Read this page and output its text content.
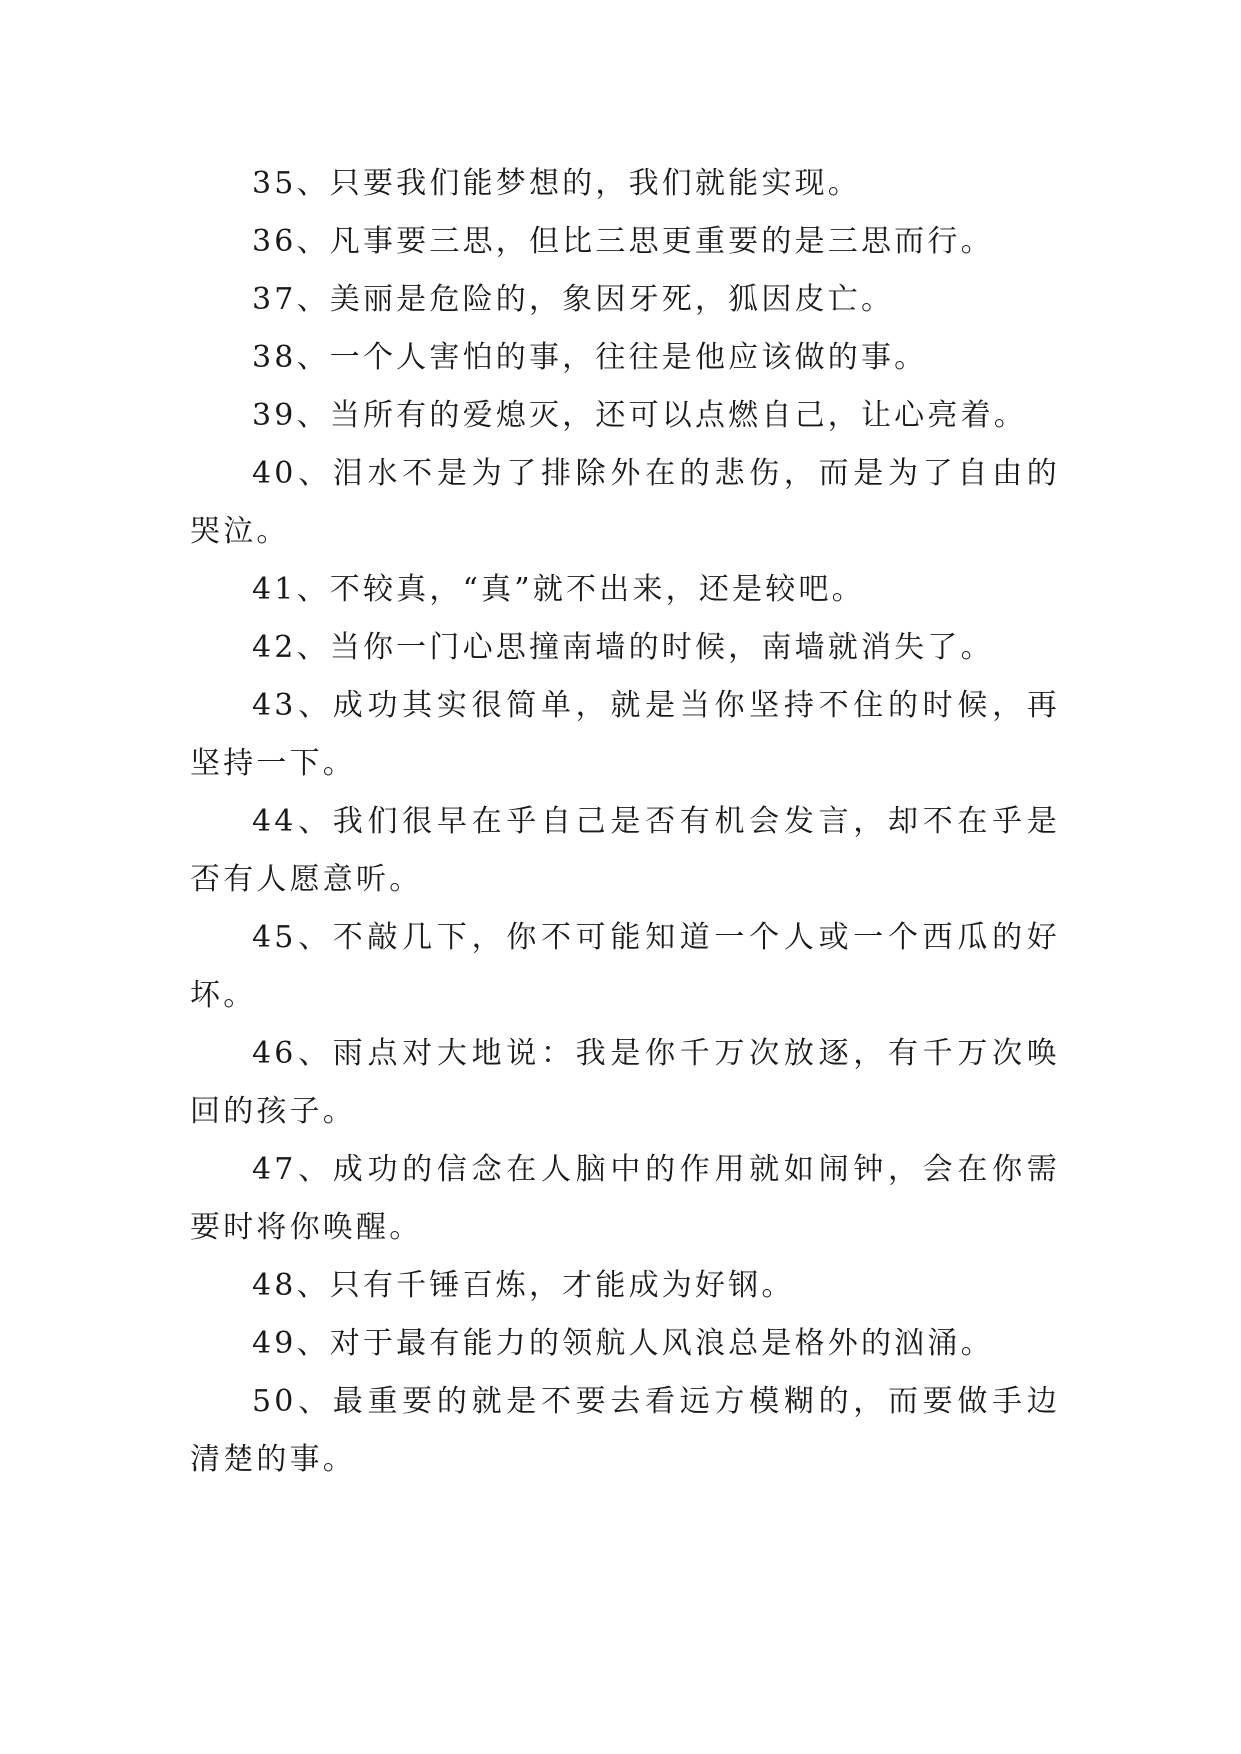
35、只要我们能梦想的，我们就能实现。

36、凡事要三思，但比三思更重要的是三思而行。

37、美丽是危险的，象因牙死，狐因皮亡。

38、一个人害怕的事，往往是他应该做的事。

39、当所有的爱熄灭，还可以点燃自己，让心亮着。

40、泪水不是为了排除外在的悲伤，而是为了自由的哭泣。

41、不较真，“真”就不出来，还是较吧。

42、当你一门心思撞南墙的时候，南墙就消失了。

43、成功其实很简单，就是当你坚持不住的时候，再坚持一下。

44、我们很早在乎自己是否有机会发言，却不在乎是否有人愿意听。

45、不敲几下，你不可能知道一个人或一个西瓜的好坏。

46、雨点对大地说：我是你千万次放逐，有千万次唤回的孩子。

47、成功的信念在人脑中的作用就如闹钟，会在你需要时将你唤醒。

48、只有千锤百炼，才能成为好钢。

49、对于最有能力的领航人风浪总是格外的汹涌。

50、最重要的就是不要去看远方模糊的，而要做手边清楚的事。
